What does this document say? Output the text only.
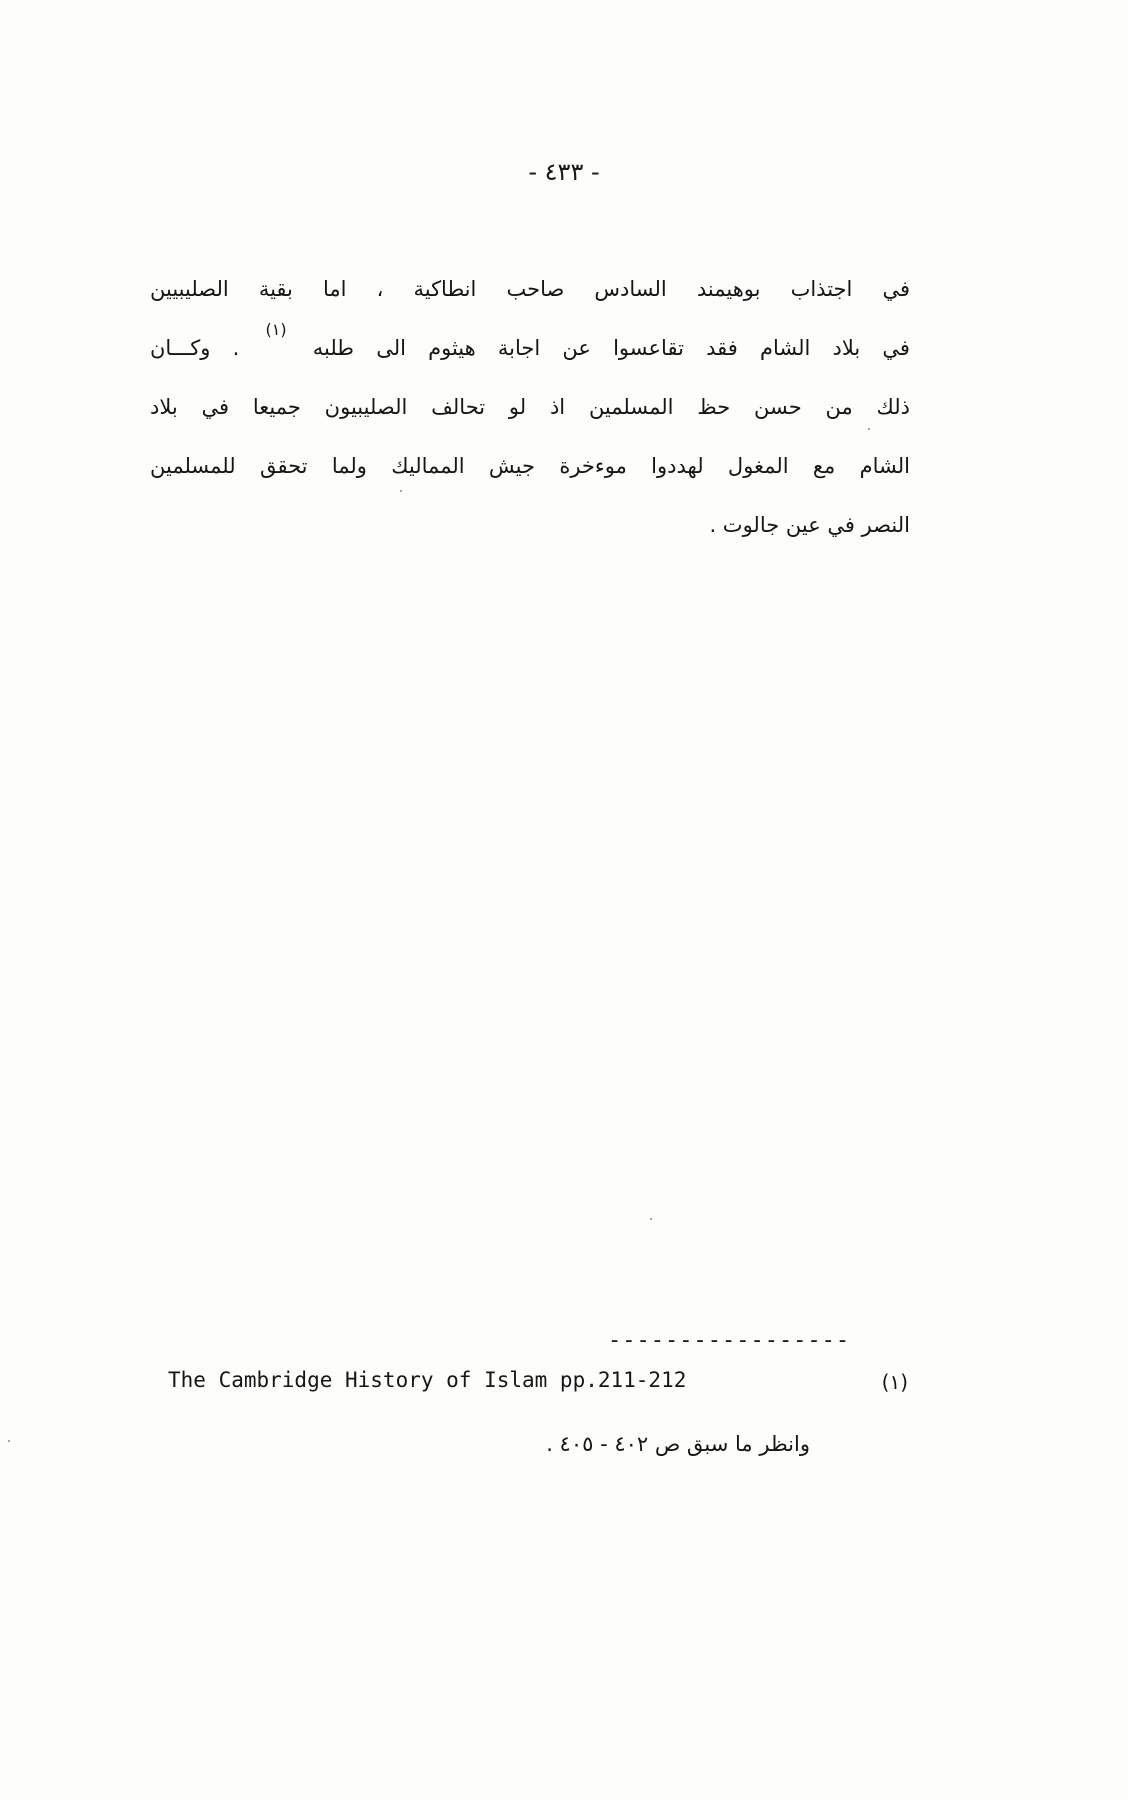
- ٤٣٣ -
في اجتذاب بوهيمند السادس صاحب انطاكية ، اما بقية الصليبيين
في بلاد الشام فقد تقاعسوا عن اجابة هيثوم الى طلبه $^{(١)}$ . وكـــان
ذلك من حسن حظ المسلمين اذ لو تحالف الصليبيون جميعا في بلاد
الشام مع المغول لهددوا موءخرة جيش المماليك ولما تحقق للمسلمين
النصر في عين جالوت .
-----------------
The Cambridge History of Islam pp.211-212	(١)
وانظر ما سبق ص ٤٠٢ - ٤٠٥ .
